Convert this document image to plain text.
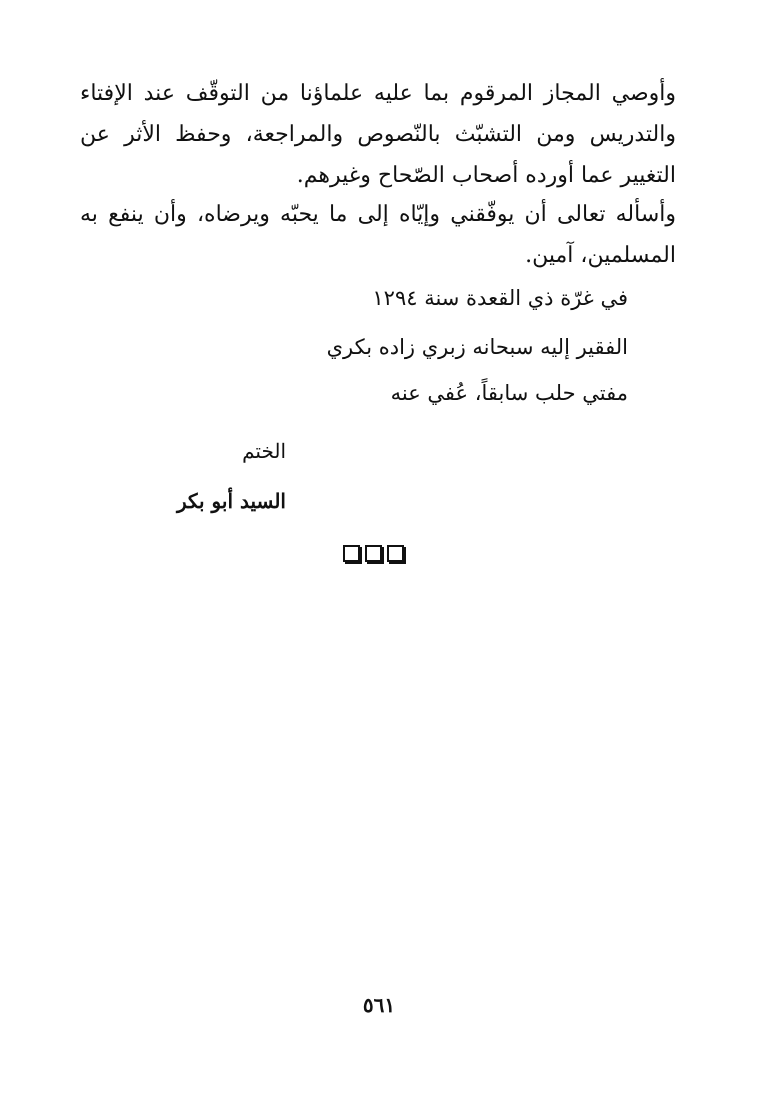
وأوصي المجاز المرقوم بما عليه علماؤنا من التوقّف عند الإفتاء والتدريس ومن التشبّث بالنّصوص والمراجعة، وحفظ الأثر عن التغيير عما أورده أصحاب الصّحاح وغيرهم.

وأسأله تعالى أن يوفّقني وإيّاه إلى ما يحبّه ويرضاه، وأن ينفع به المسلمين، آمين.

في غرّة ذي القعدة سنة ١٢٩٤
الفقير إليه سبحانه زبري زاده بكري
مفتي حلب سابقاً، عُفي عنه
الختم
السيد أبو بكر
٥٦١
